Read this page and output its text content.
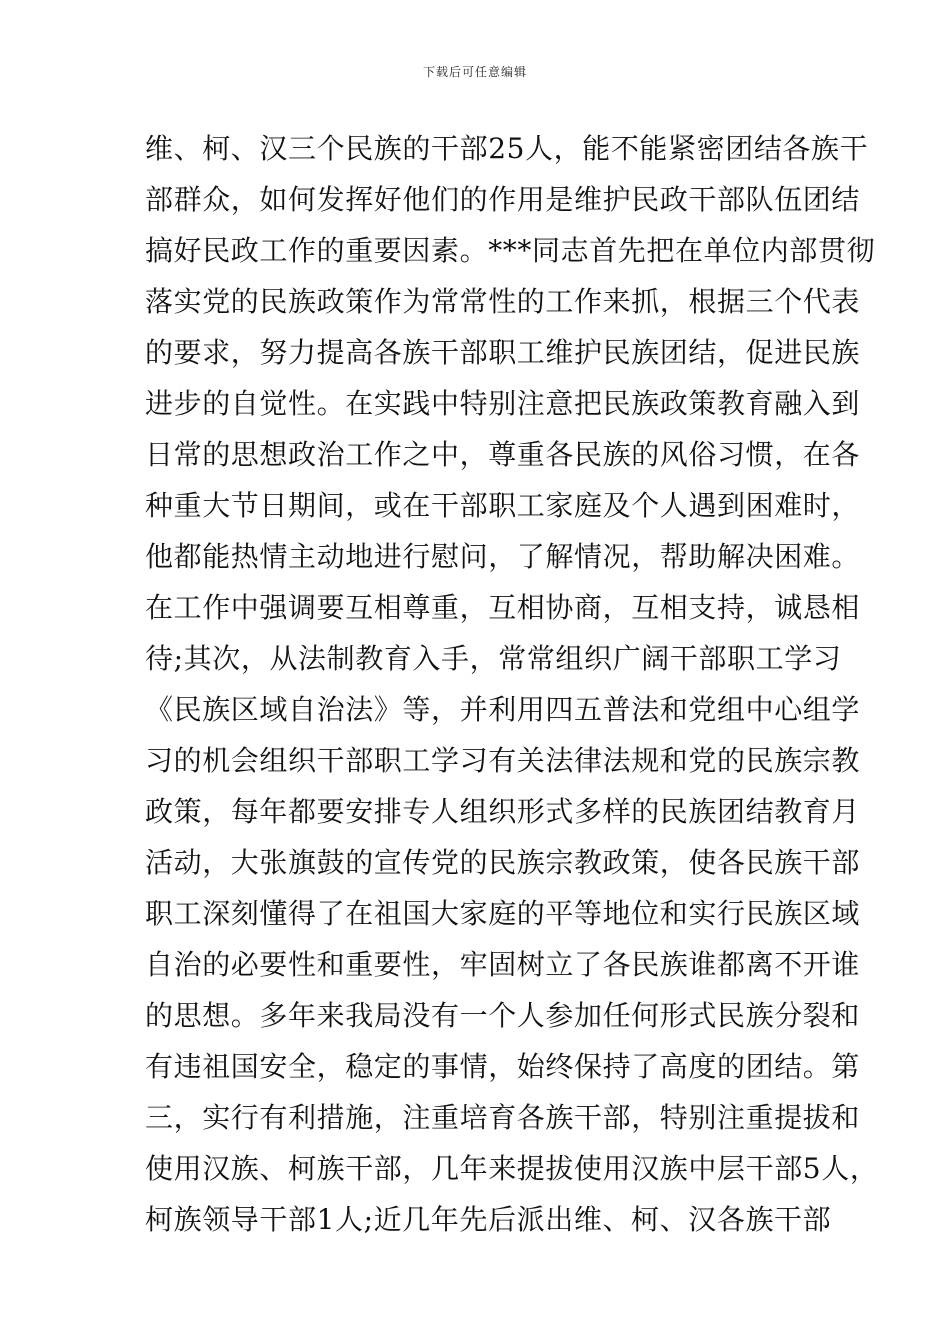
下载后可任意编辑
维、柯、汉三个民族的干部25人，能不能紧密团结各族干
部群众，如何发挥好他们的作用是维护民政干部队伍团结
搞好民政工作的重要因素。***同志首先把在单位内部贯彻
落实党的民族政策作为常常性的工作来抓，根据三个代表
的要求，努力提高各族干部职工维护民族团结，促进民族
进步的自觉性。在实践中特别注意把民族政策教育融入到
日常的思想政治工作之中，尊重各民族的风俗习惯，在各
种重大节日期间，或在干部职工家庭及个人遇到困难时，
他都能热情主动地进行慰问，了解情况，帮助解决困难。
在工作中强调要互相尊重，互相协商，互相支持，诚恳相
待;其次，从法制教育入手，常常组织广阔干部职工学习
《民族区域自治法》等，并利用四五普法和党组中心组学
习的机会组织干部职工学习有关法律法规和党的民族宗教
政策，每年都要安排专人组织形式多样的民族团结教育月
活动，大张旗鼓的宣传党的民族宗教政策，使各民族干部
职工深刻懂得了在祖国大家庭的平等地位和实行民族区域
自治的必要性和重要性，牢固树立了各民族谁都离不开谁
的思想。多年来我局没有一个人参加任何形式民族分裂和
有违祖国安全，稳定的事情，始终保持了高度的团结。第
三，实行有利措施，注重培育各族干部，特别注重提拔和
使用汉族、柯族干部，几年来提拔使用汉族中层干部5人，
柯族领导干部1人;近几年先后派出维、柯、汉各族干部
